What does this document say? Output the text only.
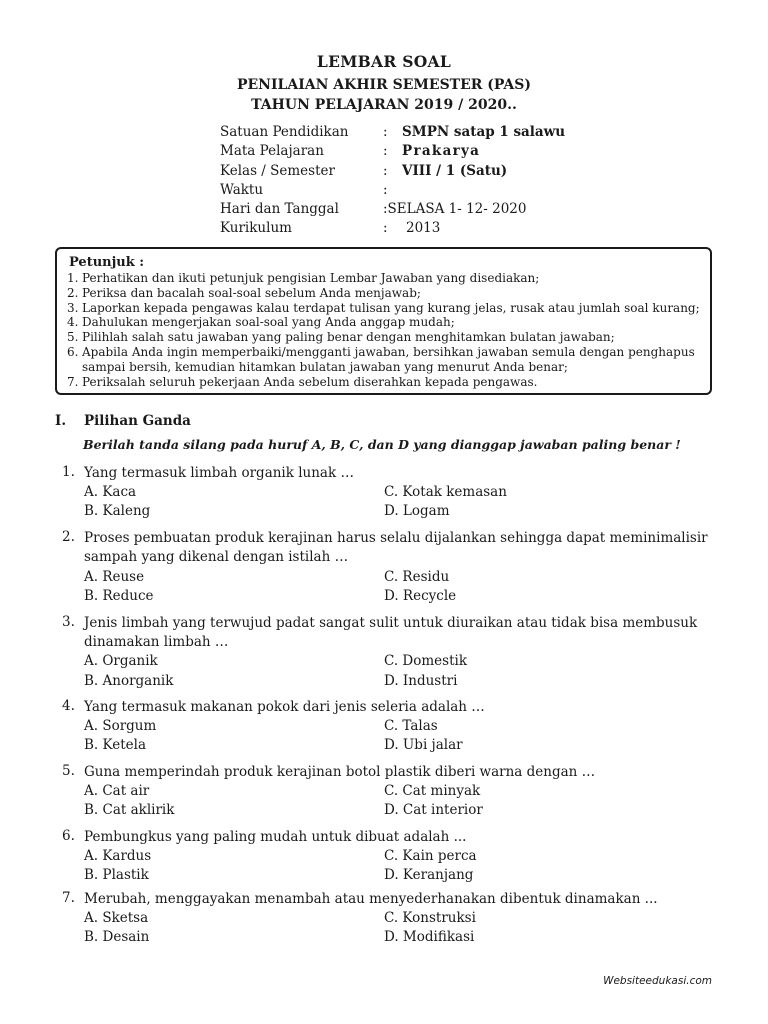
LEMBAR SOAL
PENILAIAN AKHIR SEMESTER (PAS)
TAHUN PELAJARAN 2019 / 2020..
Satuan Pendidikan	: SMPN satap 1 salawu
Mata Pelajaran	: Prakarya
Kelas / Semester	: VIII / 1 (Satu)
Waktu	:
Hari dan Tanggal	:SELASA 1- 12- 2020
Kurikulum	: 2013
Petunjuk :
1. Perhatikan dan ikuti petunjuk pengisian Lembar Jawaban yang disediakan;
2. Periksa dan bacalah soal-soal sebelum Anda menjawab;
3. Laporkan kepada pengawas kalau terdapat tulisan yang kurang jelas, rusak atau jumlah soal kurang;
4. Dahulukan mengerjakan soal-soal yang Anda anggap mudah;
5. Pilihlah salah satu jawaban yang paling benar dengan menghitamkan bulatan jawaban;
6. Apabila Anda ingin memperbaiki/mengganti jawaban, bersihkan jawaban semula dengan penghapus sampai bersih, kemudian hitamkan bulatan jawaban yang menurut Anda benar;
7. Periksalah seluruh pekerjaan Anda sebelum diserahkan kepada pengawas.
I. Pilihan Ganda
Berilah tanda silang pada huruf A, B, C, dan D yang dianggap jawaban paling benar !
1. Yang termasuk limbah organik lunak …
A. Kaca
B. Kaleng
C. Kotak kemasan
D. Logam
2. Proses pembuatan produk kerajinan harus selalu dijalankan sehingga dapat meminimalisir sampah yang dikenal dengan istilah …
A. Reuse
B. Reduce
C. Residu
D. Recycle
3. Jenis limbah yang terwujud padat sangat sulit untuk diuraikan atau tidak bisa membusuk dinamakan limbah …
A. Organik
B. Anorganik
C. Domestik
D. Industri
4. Yang termasuk makanan pokok dari jenis seleria adalah …
A. Sorgum
B. Ketela
C. Talas
D. Ubi jalar
5. Guna memperindah produk kerajinan botol plastik diberi warna dengan …
A. Cat air
B. Cat aklirik
C. Cat minyak
D. Cat interior
6. Pembungkus yang paling mudah untuk dibuat adalah ...
A. Kardus
B. Plastik
C. Kain perca
D. Keranjang
7. Merubah, menggayakan menambah atau menyederhanakan dibentuk dinamakan ...
A. Sketsa
B. Desain
C. Konstruksi
D. Modifikasi
Websiteedukasi.com
